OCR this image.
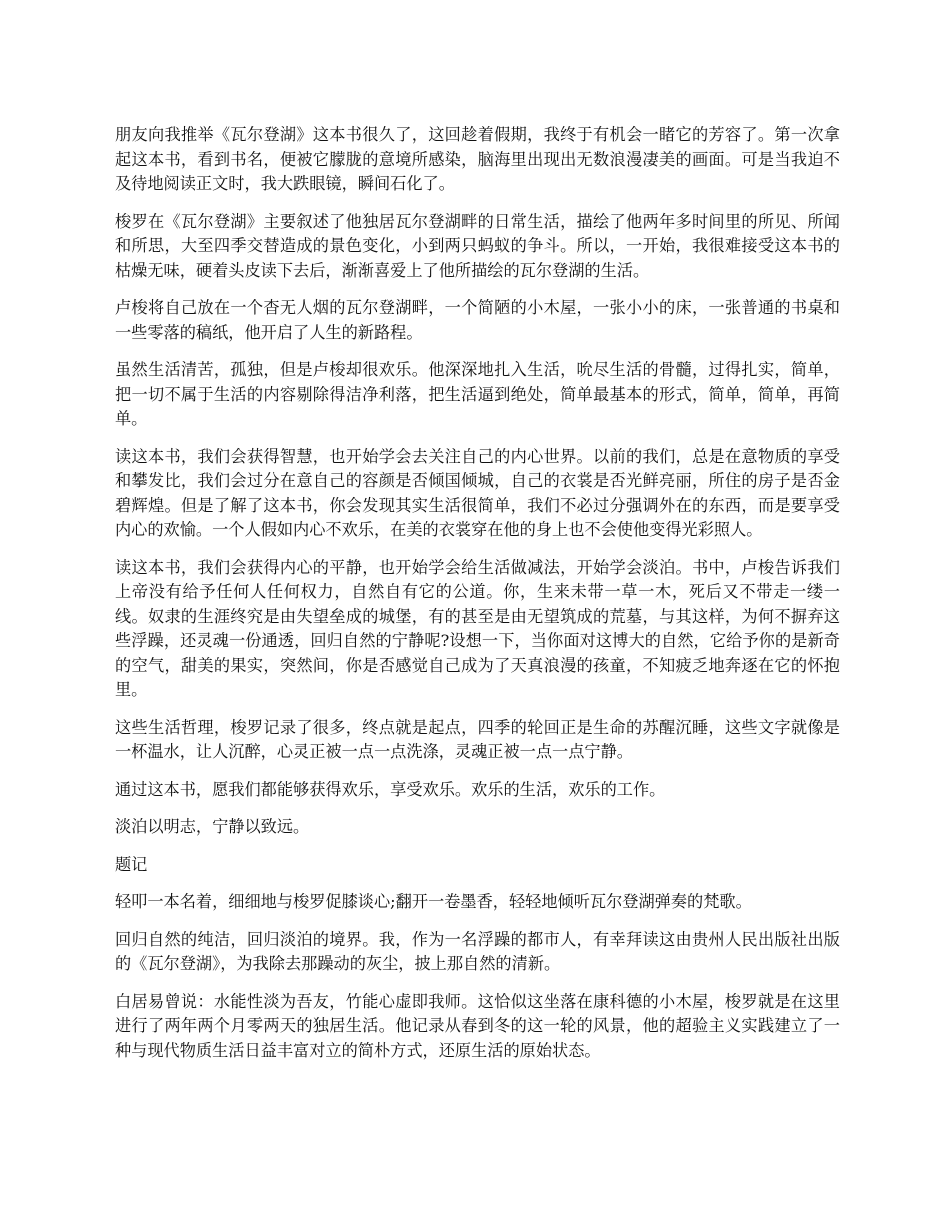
朋友向我推举《瓦尔登湖》这本书很久了，这回趁着假期，我终于有机会一睹它的芳容了。第一次拿起这本书，看到书名，便被它朦胧的意境所感染，脑海里出现出无数浪漫凄美的画面。可是当我迫不及待地阅读正文时，我大跌眼镜，瞬间石化了。

梭罗在《瓦尔登湖》主要叙述了他独居瓦尔登湖畔的日常生活，描绘了他两年多时间里的所见、所闻和所思，大至四季交替造成的景色变化，小到两只蚂蚁的争斗。所以，一开始，我很难接受这本书的枯燥无味，硬着头皮读下去后，渐渐喜爱上了他所描绘的瓦尔登湖的生活。

卢梭将自己放在一个杳无人烟的瓦尔登湖畔，一个简陋的小木屋，一张小小的床，一张普通的书桌和一些零落的稿纸，他开启了人生的新路程。

虽然生活清苦，孤独，但是卢梭却很欢乐。他深深地扎入生活，吮尽生活的骨髓，过得扎实，简单，把一切不属于生活的内容剔除得洁净利落，把生活逼到绝处，简单最基本的形式，简单，简单，再简单。

读这本书，我们会获得智慧，也开始学会去关注自己的内心世界。以前的我们，总是在意物质的享受和攀发比，我们会过分在意自己的容颜是否倾国倾城，自己的衣裳是否光鲜亮丽，所住的房子是否金碧辉煌。但是了解了这本书，你会发现其实生活很简单，我们不必过分强调外在的东西，而是要享受内心的欢愉。一个人假如内心不欢乐，在美的衣裳穿在他的身上也不会使他变得光彩照人。

读这本书，我们会获得内心的平静，也开始学会给生活做减法，开始学会淡泊。书中，卢梭告诉我们上帝没有给予任何人任何权力，自然自有它的公道。你，生来未带一草一木，死后又不带走一缕一线。奴隶的生涯终究是由失望垒成的城堡，有的甚至是由无望筑成的荒墓，与其这样，为何不摒弃这些浮躁，还灵魂一份通透，回归自然的宁静呢?设想一下，当你面对这博大的自然，它给予你的是新奇的空气，甜美的果实，突然间，你是否感觉自己成为了天真浪漫的孩童，不知疲乏地奔逐在它的怀抱里。

这些生活哲理，梭罗记录了很多，终点就是起点，四季的轮回正是生命的苏醒沉睡，这些文字就像是一杯温水，让人沉醉，心灵正被一点一点洗涤，灵魂正被一点一点宁静。

通过这本书，愿我们都能够获得欢乐，享受欢乐。欢乐的生活，欢乐的工作。

淡泊以明志，宁静以致远。

题记

轻叩一本名着，细细地与梭罗促膝谈心;翻开一卷墨香，轻轻地倾听瓦尔登湖弹奏的梵歌。

回归自然的纯洁，回归淡泊的境界。我，作为一名浮躁的都市人，有幸拜读这由贵州人民出版社出版的《瓦尔登湖》，为我除去那躁动的灰尘，披上那自然的清新。

白居易曾说：水能性淡为吾友，竹能心虚即我师。这恰似这坐落在康科德的小木屋，梭罗就是在这里进行了两年两个月零两天的独居生活。他记录从春到冬的这一轮的风景，他的超验主义实践建立了一种与现代物质生活日益丰富对立的简朴方式，还原生活的原始状态。
